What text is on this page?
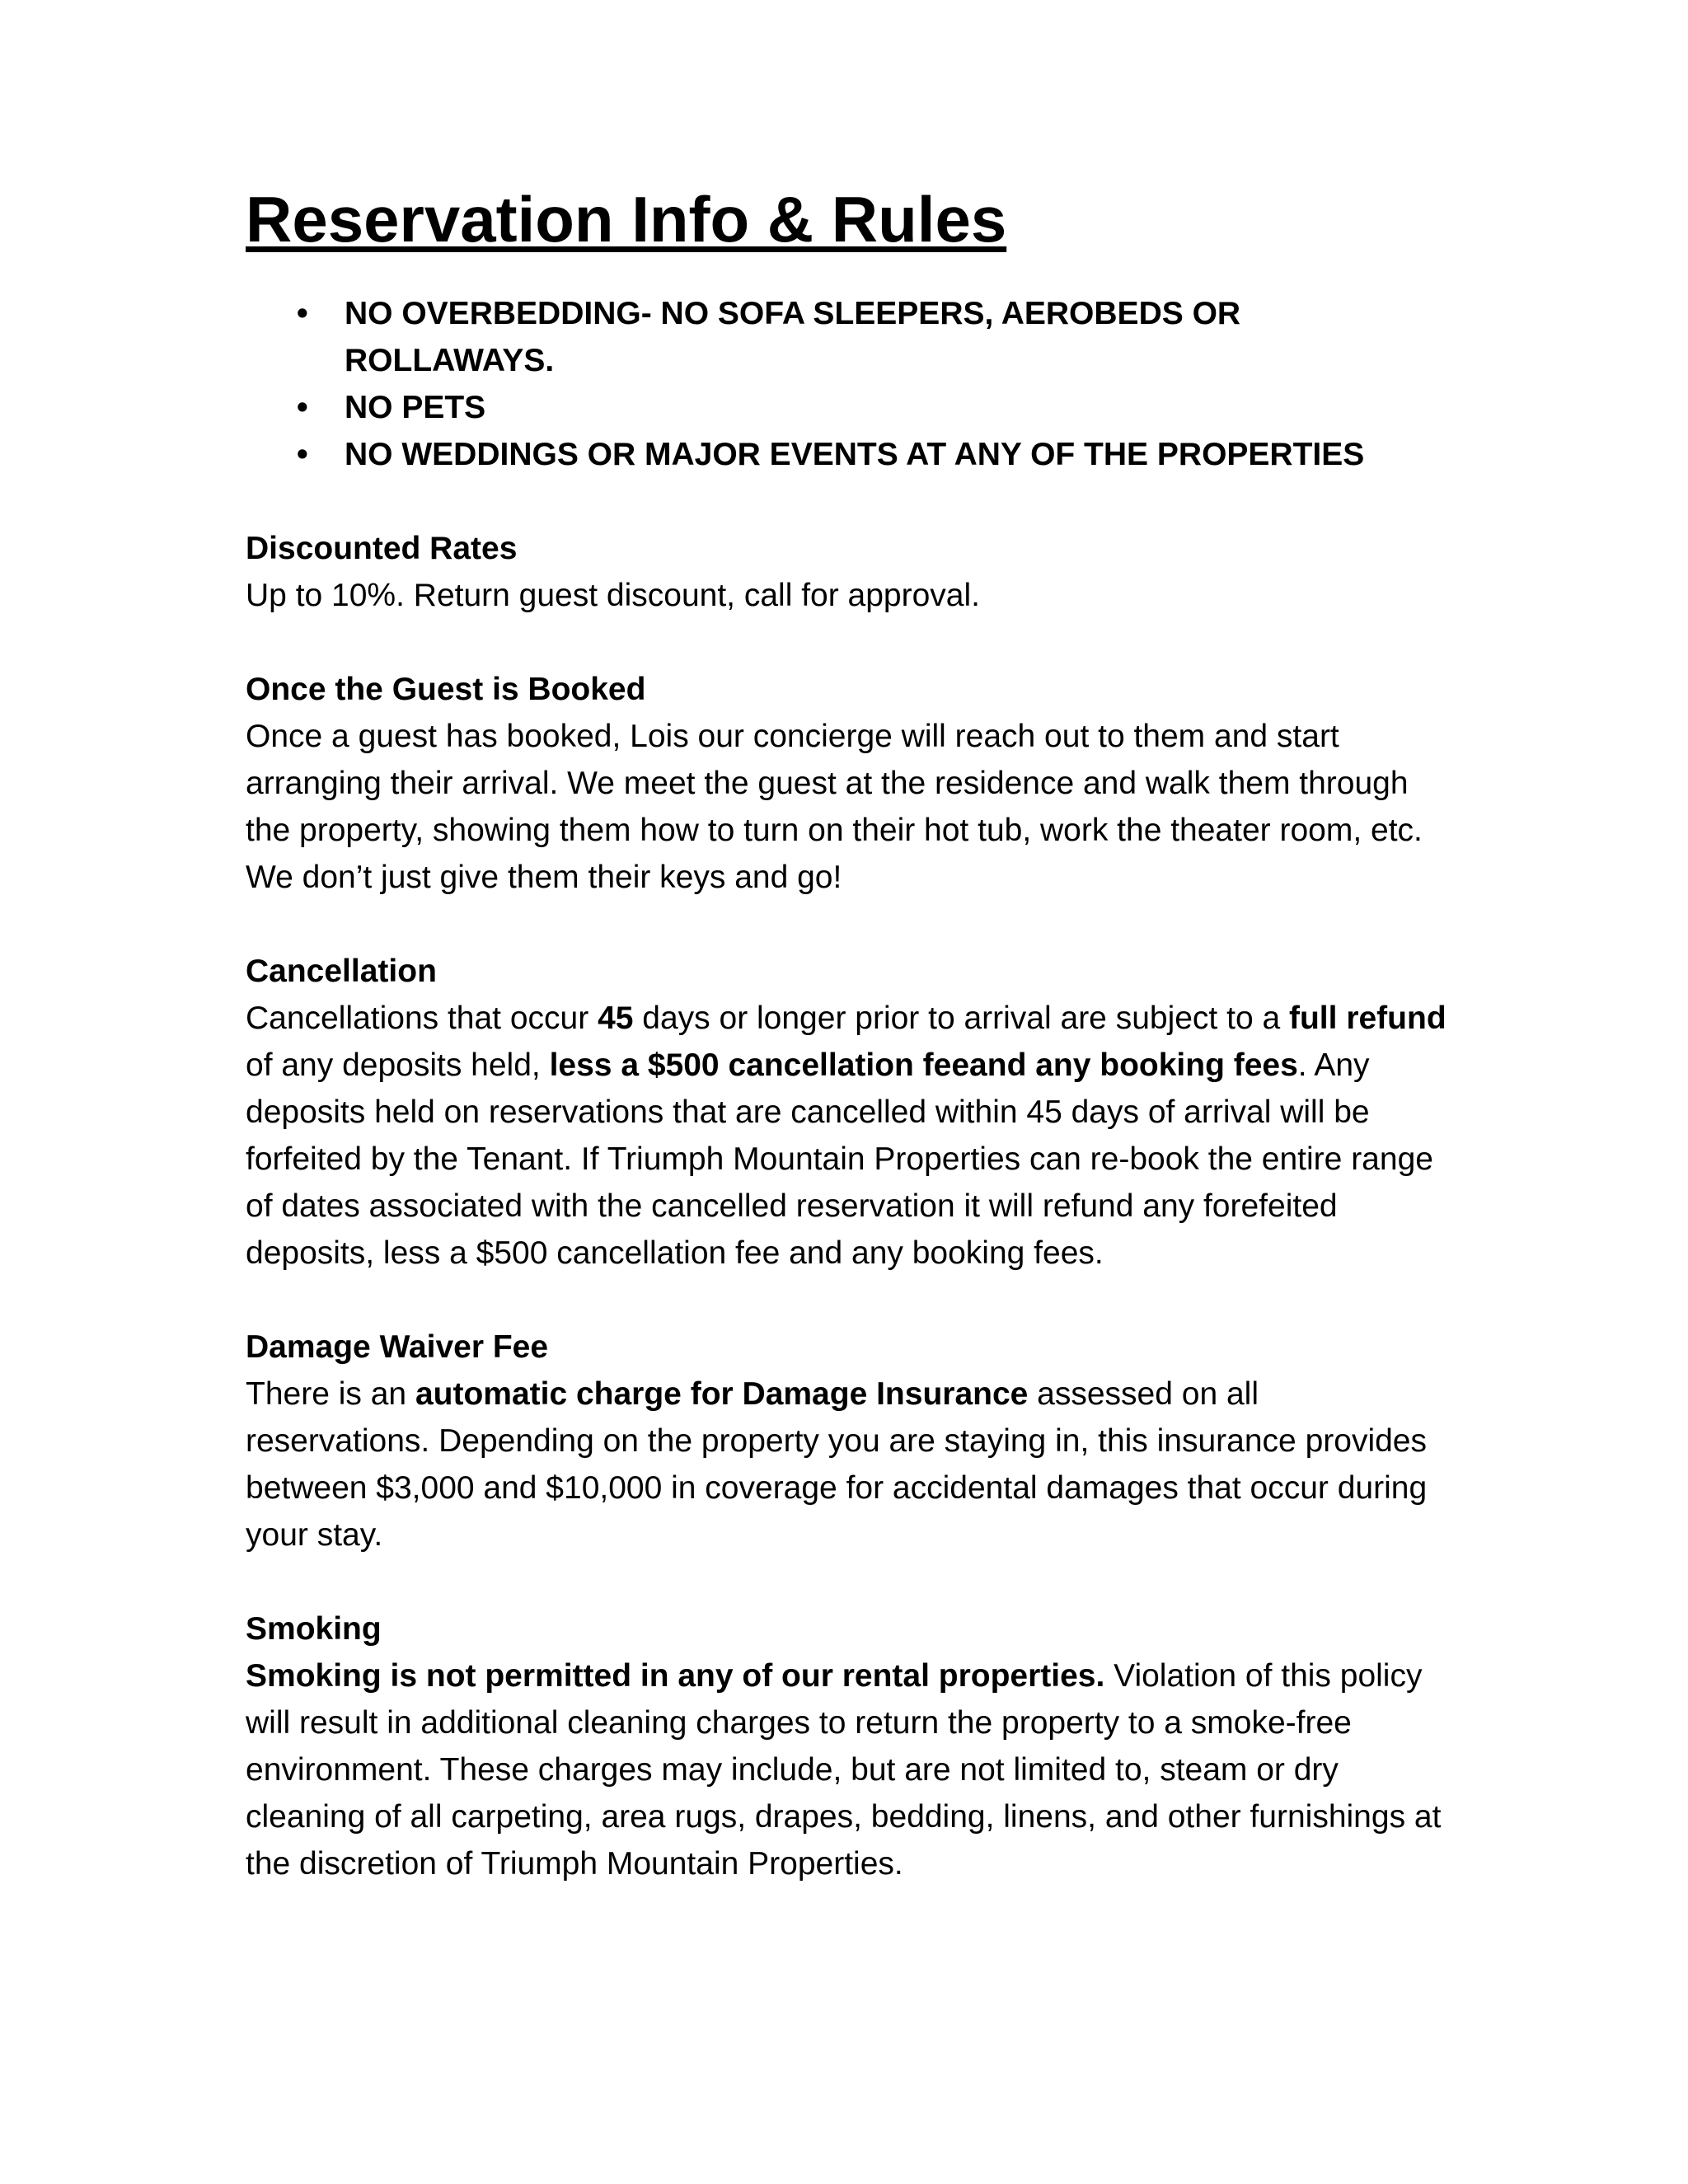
Reservation Info & Rules
• NO OVERBEDDING- NO SOFA SLEEPERS, AEROBEDS OR ROLLAWAYS.
• NO PETS
• NO WEDDINGS OR MAJOR EVENTS AT ANY OF THE PROPERTIES
Discounted Rates

Up to 10%. Return guest discount, call for approval.

Once the Guest is Booked

Once a guest has booked, Lois our concierge will reach out to them and start arranging their arrival. We meet the guest at the residence and walk them through the property, showing them how to turn on their hot tub, work the theater room, etc. We don’t just give them their keys and go!

Cancellation

Cancellations that occur 45 days or longer prior to arrival are subject to a full refund of any deposits held, less a $500 cancellation feeand any booking fees. Any deposits held on reservations that are cancelled within 45 days of arrival will be forfeited by the Tenant. If Triumph Mountain Properties can re-book the entire range of dates associated with the cancelled reservation it will refund any forefeited deposits, less a $500 cancellation fee and any booking fees.

Damage Waiver Fee

There is an automatic charge for Damage Insurance assessed on all reservations. Depending on the property you are staying in, this insurance provides between $3,000 and $10,000 in coverage for accidental damages that occur during your stay.

Smoking

Smoking is not permitted in any of our rental properties. Violation of this policy will result in additional cleaning charges to return the property to a smoke-free environment. These charges may include, but are not limited to, steam or dry cleaning of all carpeting, area rugs, drapes, bedding, linens, and other furnishings at the discretion of Triumph Mountain Properties.
